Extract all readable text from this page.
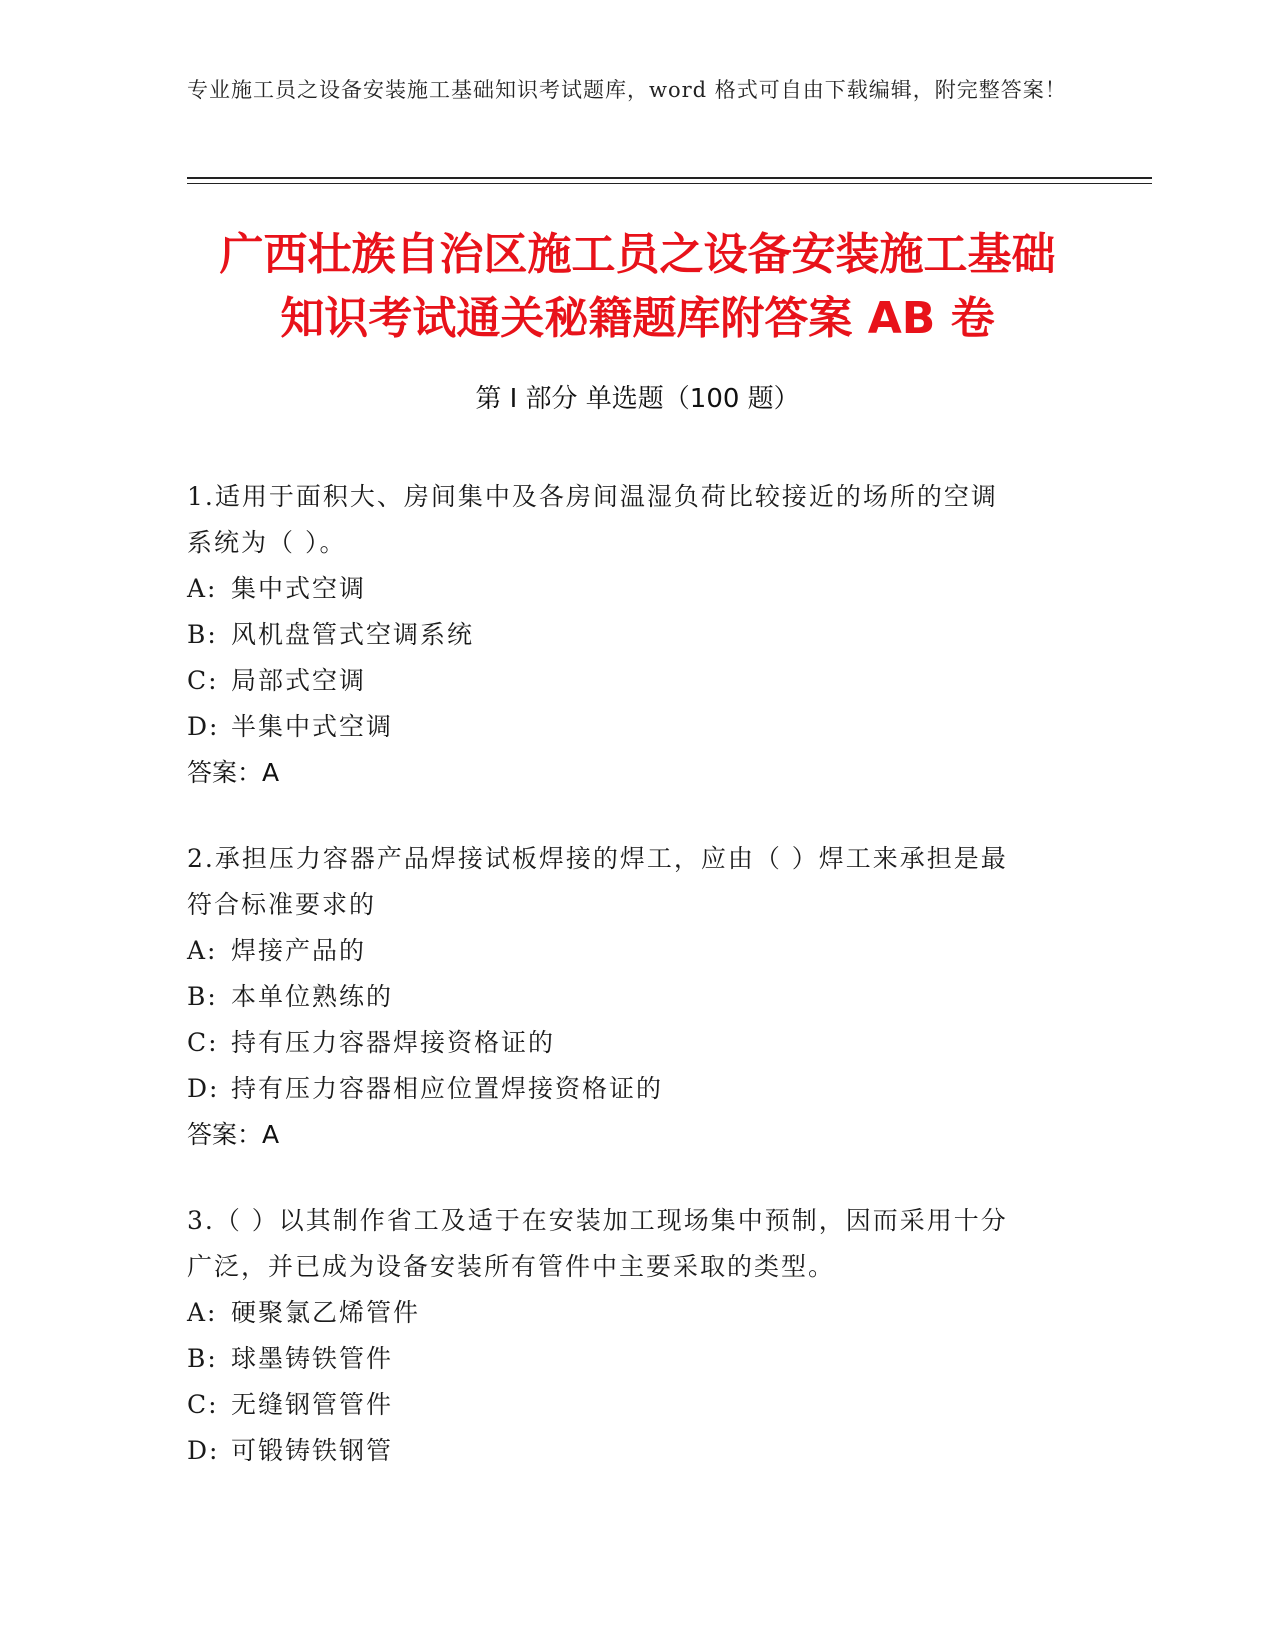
专业施工员之设备安装施工基础知识考试题库，word 格式可自由下载编辑，附完整答案！
广西壮族自治区施工员之设备安装施工基础
知识考试通关秘籍题库附答案 AB 卷
第 I 部分 单选题（100 题）
1.适用于面积大、房间集中及各房间温湿负荷比较接近的场所的空调
系统为（ ）。
A: 集中式空调
B: 风机盘管式空调系统
C: 局部式空调
D: 半集中式空调
答案：A
2.承担压力容器产品焊接试板焊接的焊工，应由（ ）焊工来承担是最
符合标准要求的
A: 焊接产品的
B: 本单位熟练的
C: 持有压力容器焊接资格证的
D: 持有压力容器相应位置焊接资格证的
答案：A
3.（ ）以其制作省工及适于在安装加工现场集中预制，因而采用十分
广泛，并已成为设备安装所有管件中主要采取的类型。
A: 硬聚氯乙烯管件
B: 球墨铸铁管件
C: 无缝钢管管件
D: 可锻铸铁钢管
